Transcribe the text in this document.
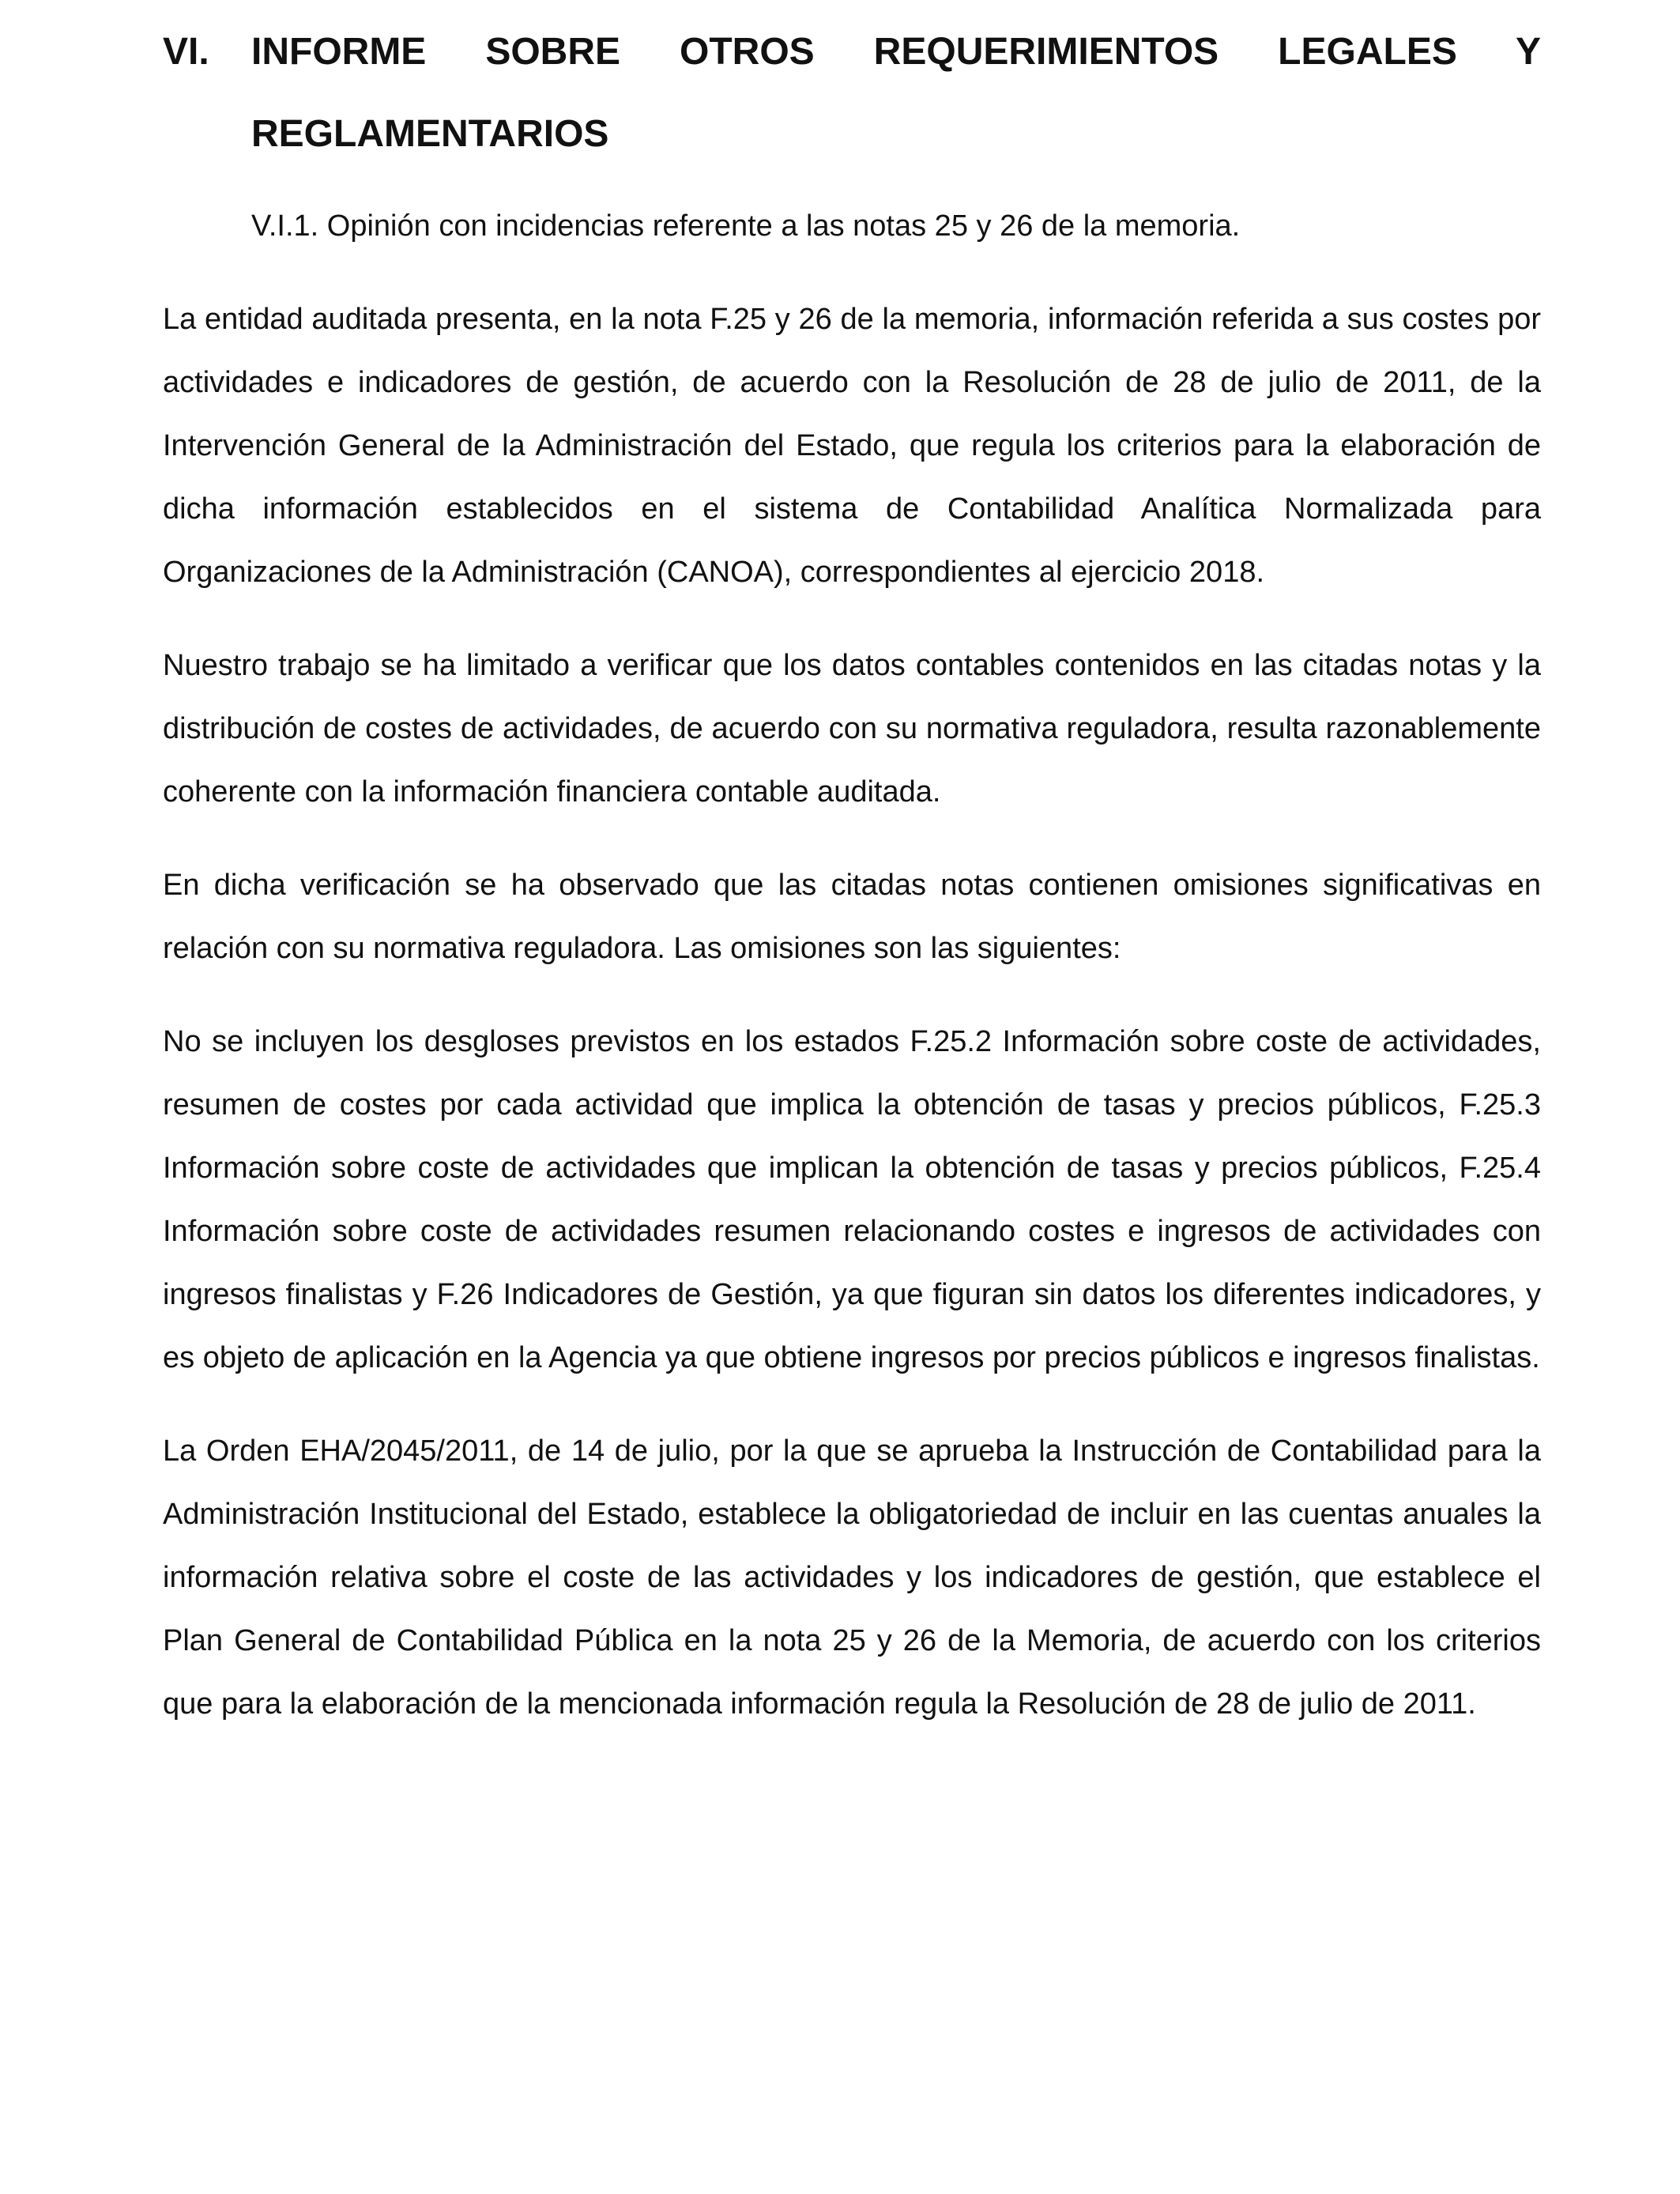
VI. INFORME SOBRE OTROS REQUERIMIENTOS LEGALES Y REGLAMENTARIOS
V.I.1. Opinión con incidencias referente a las notas 25 y 26 de la memoria.

La entidad auditada presenta, en la nota F.25 y 26 de la memoria, información referida a sus costes por actividades e indicadores de gestión, de acuerdo con la Resolución de 28 de julio de 2011, de la Intervención General de la Administración del Estado, que regula los criterios para la elaboración de dicha información establecidos en el sistema de Contabilidad Analítica Normalizada para Organizaciones de la Administración (CANOA), correspondientes al ejercicio 2018.

Nuestro trabajo se ha limitado a verificar que los datos contables contenidos en las citadas notas y la distribución de costes de actividades, de acuerdo con su normativa reguladora, resulta razonablemente coherente con la información financiera contable auditada.

En dicha verificación se ha observado que las citadas notas contienen omisiones significativas en relación con su normativa reguladora. Las omisiones son las siguientes:

No se incluyen los desgloses previstos en los estados F.25.2 Información sobre coste de actividades, resumen de costes por cada actividad que implica la obtención de tasas y precios públicos, F.25.3 Información sobre coste de actividades que implican la obtención de tasas y precios públicos, F.25.4 Información sobre coste de actividades resumen relacionando costes e ingresos de actividades con ingresos finalistas y F.26 Indicadores de Gestión, ya que figuran sin datos los diferentes indicadores, y es objeto de aplicación en la Agencia ya que obtiene ingresos por precios públicos e ingresos finalistas.

La Orden EHA/2045/2011, de 14 de julio, por la que se aprueba la Instrucción de Contabilidad para la Administración Institucional del Estado, establece la obligatoriedad de incluir en las cuentas anuales la información relativa sobre el coste de las actividades y los indicadores de gestión, que establece el Plan General de Contabilidad Pública en la nota 25 y 26 de la Memoria, de acuerdo con los criterios que para la elaboración de la mencionada información regula la Resolución de 28 de julio de 2011.
